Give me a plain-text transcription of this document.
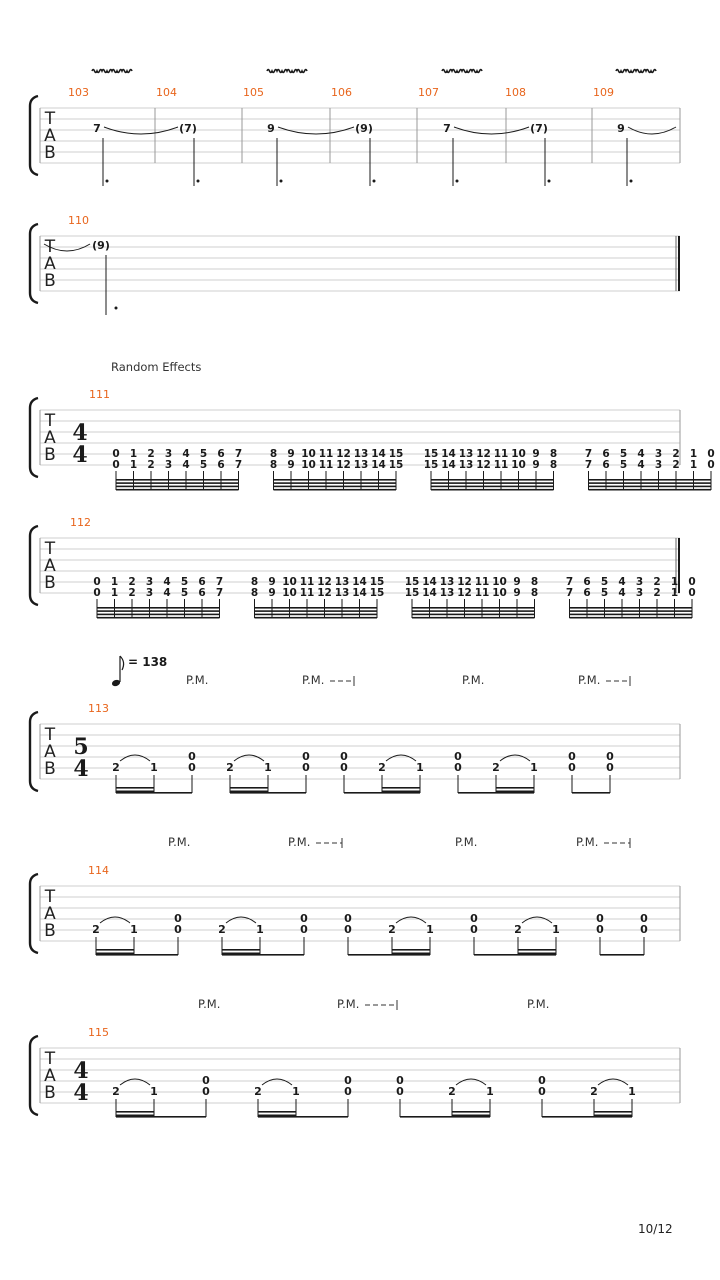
T
A
B
103	104	105	106	107	108	109
7	(7)	9	(9)	7	(7)	9
T
A
B
110
(9)
Random Effects
T
A
B
111
4
4 0
0
1
1
2
2
3
3
4
4
5
5
6
6
7
7
8
8
9
9
10
10
11
11
12
12
13
13
14
14
15
15
15
15
14
14
13
13
12
12
11
11
10
10
9
9
8
8
7
7
6
6
5
5
4
4
3
3
2
2
1
1
0
0
T
A
B
112
0
0
1
1
2
2
3
3
4
4
5
5
6
6
7
7
8
8
9
9
10
10
11
11
12
12
13
13
14
14
15
15
15
15
14
14
13
13
12
12
11
11
10
10
9
9
8
8
7
7
6
6
5
5
4
4
3
3
2
2
1
1
0
0
= 138
T
A
B
113
5
4 2	1
0
0	2	1
0
0
0
0	2	1
0
0	2	1
0
0
0
0
P.M.	P.M.	P.M.	P.M.
T
A
B
114
2	1
0
0	2	1
0
0
0
0	2	1
0
0	2	1
0
0
0
0
P.M.	P.M.	P.M.	P.M.
T
A
B
115
4
4 2	1
0
0	2	1
0
0
0
0	2	1
0
0	2	1
P.M.	P.M.	P.M.
10/12
